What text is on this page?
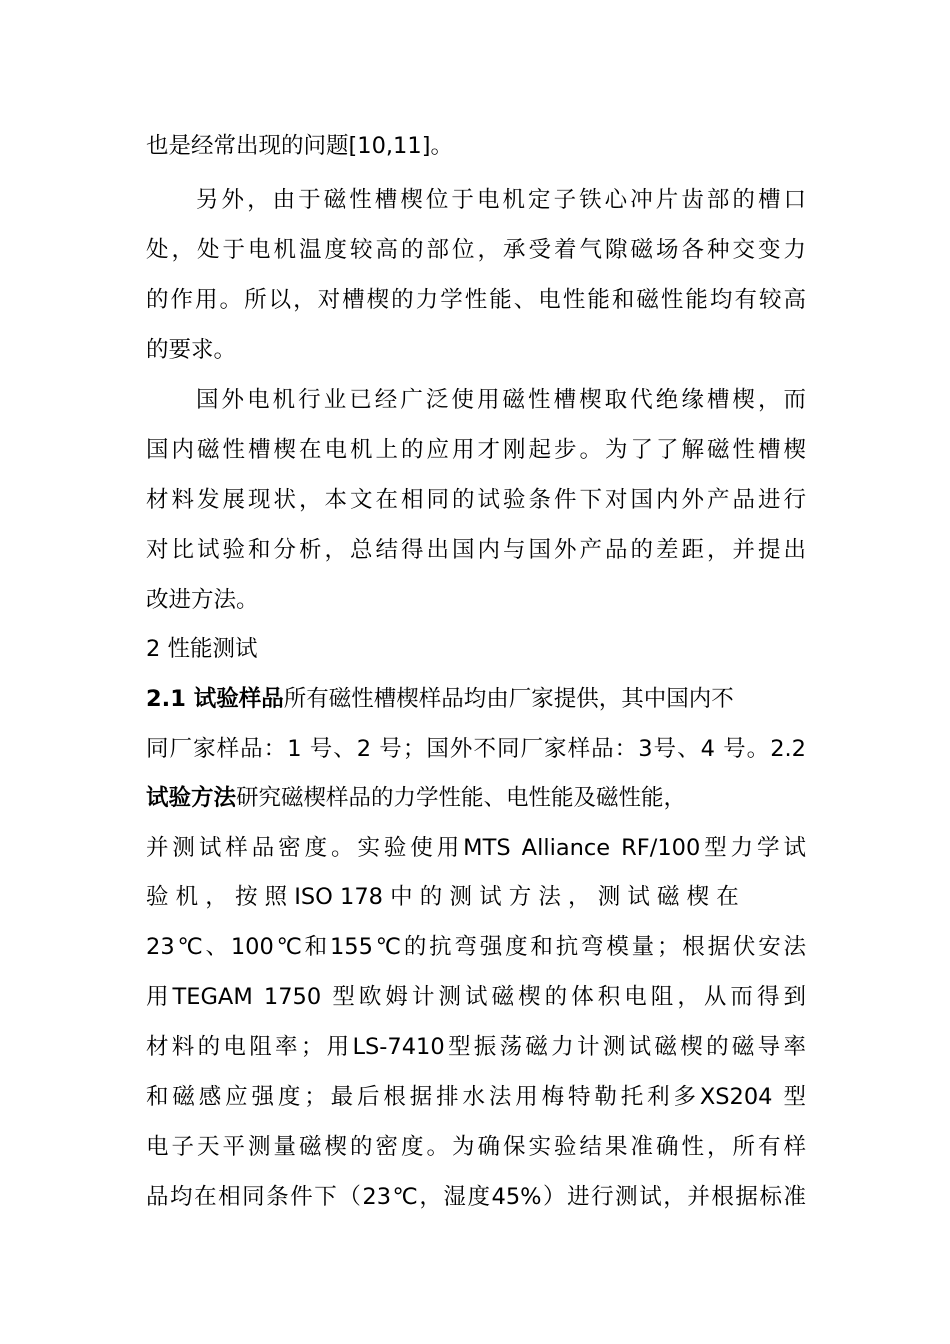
也是经常出现的问题[10,11]。
另外，由于磁性槽楔位于电机定子铁心冲片齿部的槽口
处，处于电机温度较高的部位，承受着气隙磁场各种交变力
的作用。所以，对槽楔的力学性能、电性能和磁性能均有较高
的要求。
国外电机行业已经广泛使用磁性槽楔取代绝缘槽楔，而
国内磁性槽楔在电机上的应用才刚起步。为了了解磁性槽楔
材料发展现状，本文在相同的试验条件下对国内外产品进行
对比试验和分析，总结得出国内与国外产品的差距，并提出
改进方法。
2 性能测试
2.1 试验样品所有磁性槽楔样品均由厂家提供，其中国内不
同厂家样品：1 号、2 号；国外不同厂家样品：3号、4 号。2.2
试验方法研究磁楔样品的力学性能、电性能及磁性能，
并测试样品密度。实验使用MTS Alliance RF/100型力学试
验 机 ， 按 照 ISO 178 中 的 测 试 方 法 ， 测 试 磁 楔 在
23℃、100℃和155℃的抗弯强度和抗弯模量；根据伏安法
用TEGAM 1750 型欧姆计测试磁楔的体积电阻，从而得到
材料的电阻率；用LS-7410型振荡磁力计测试磁楔的磁导率
和磁感应强度；最后根据排水法用梅特勒托利多XS204 型
电子天平测量磁楔的密度。为确保实验结果准确性，所有样
品均在相同条件下（23℃，湿度45%）进行测试，并根据标准
